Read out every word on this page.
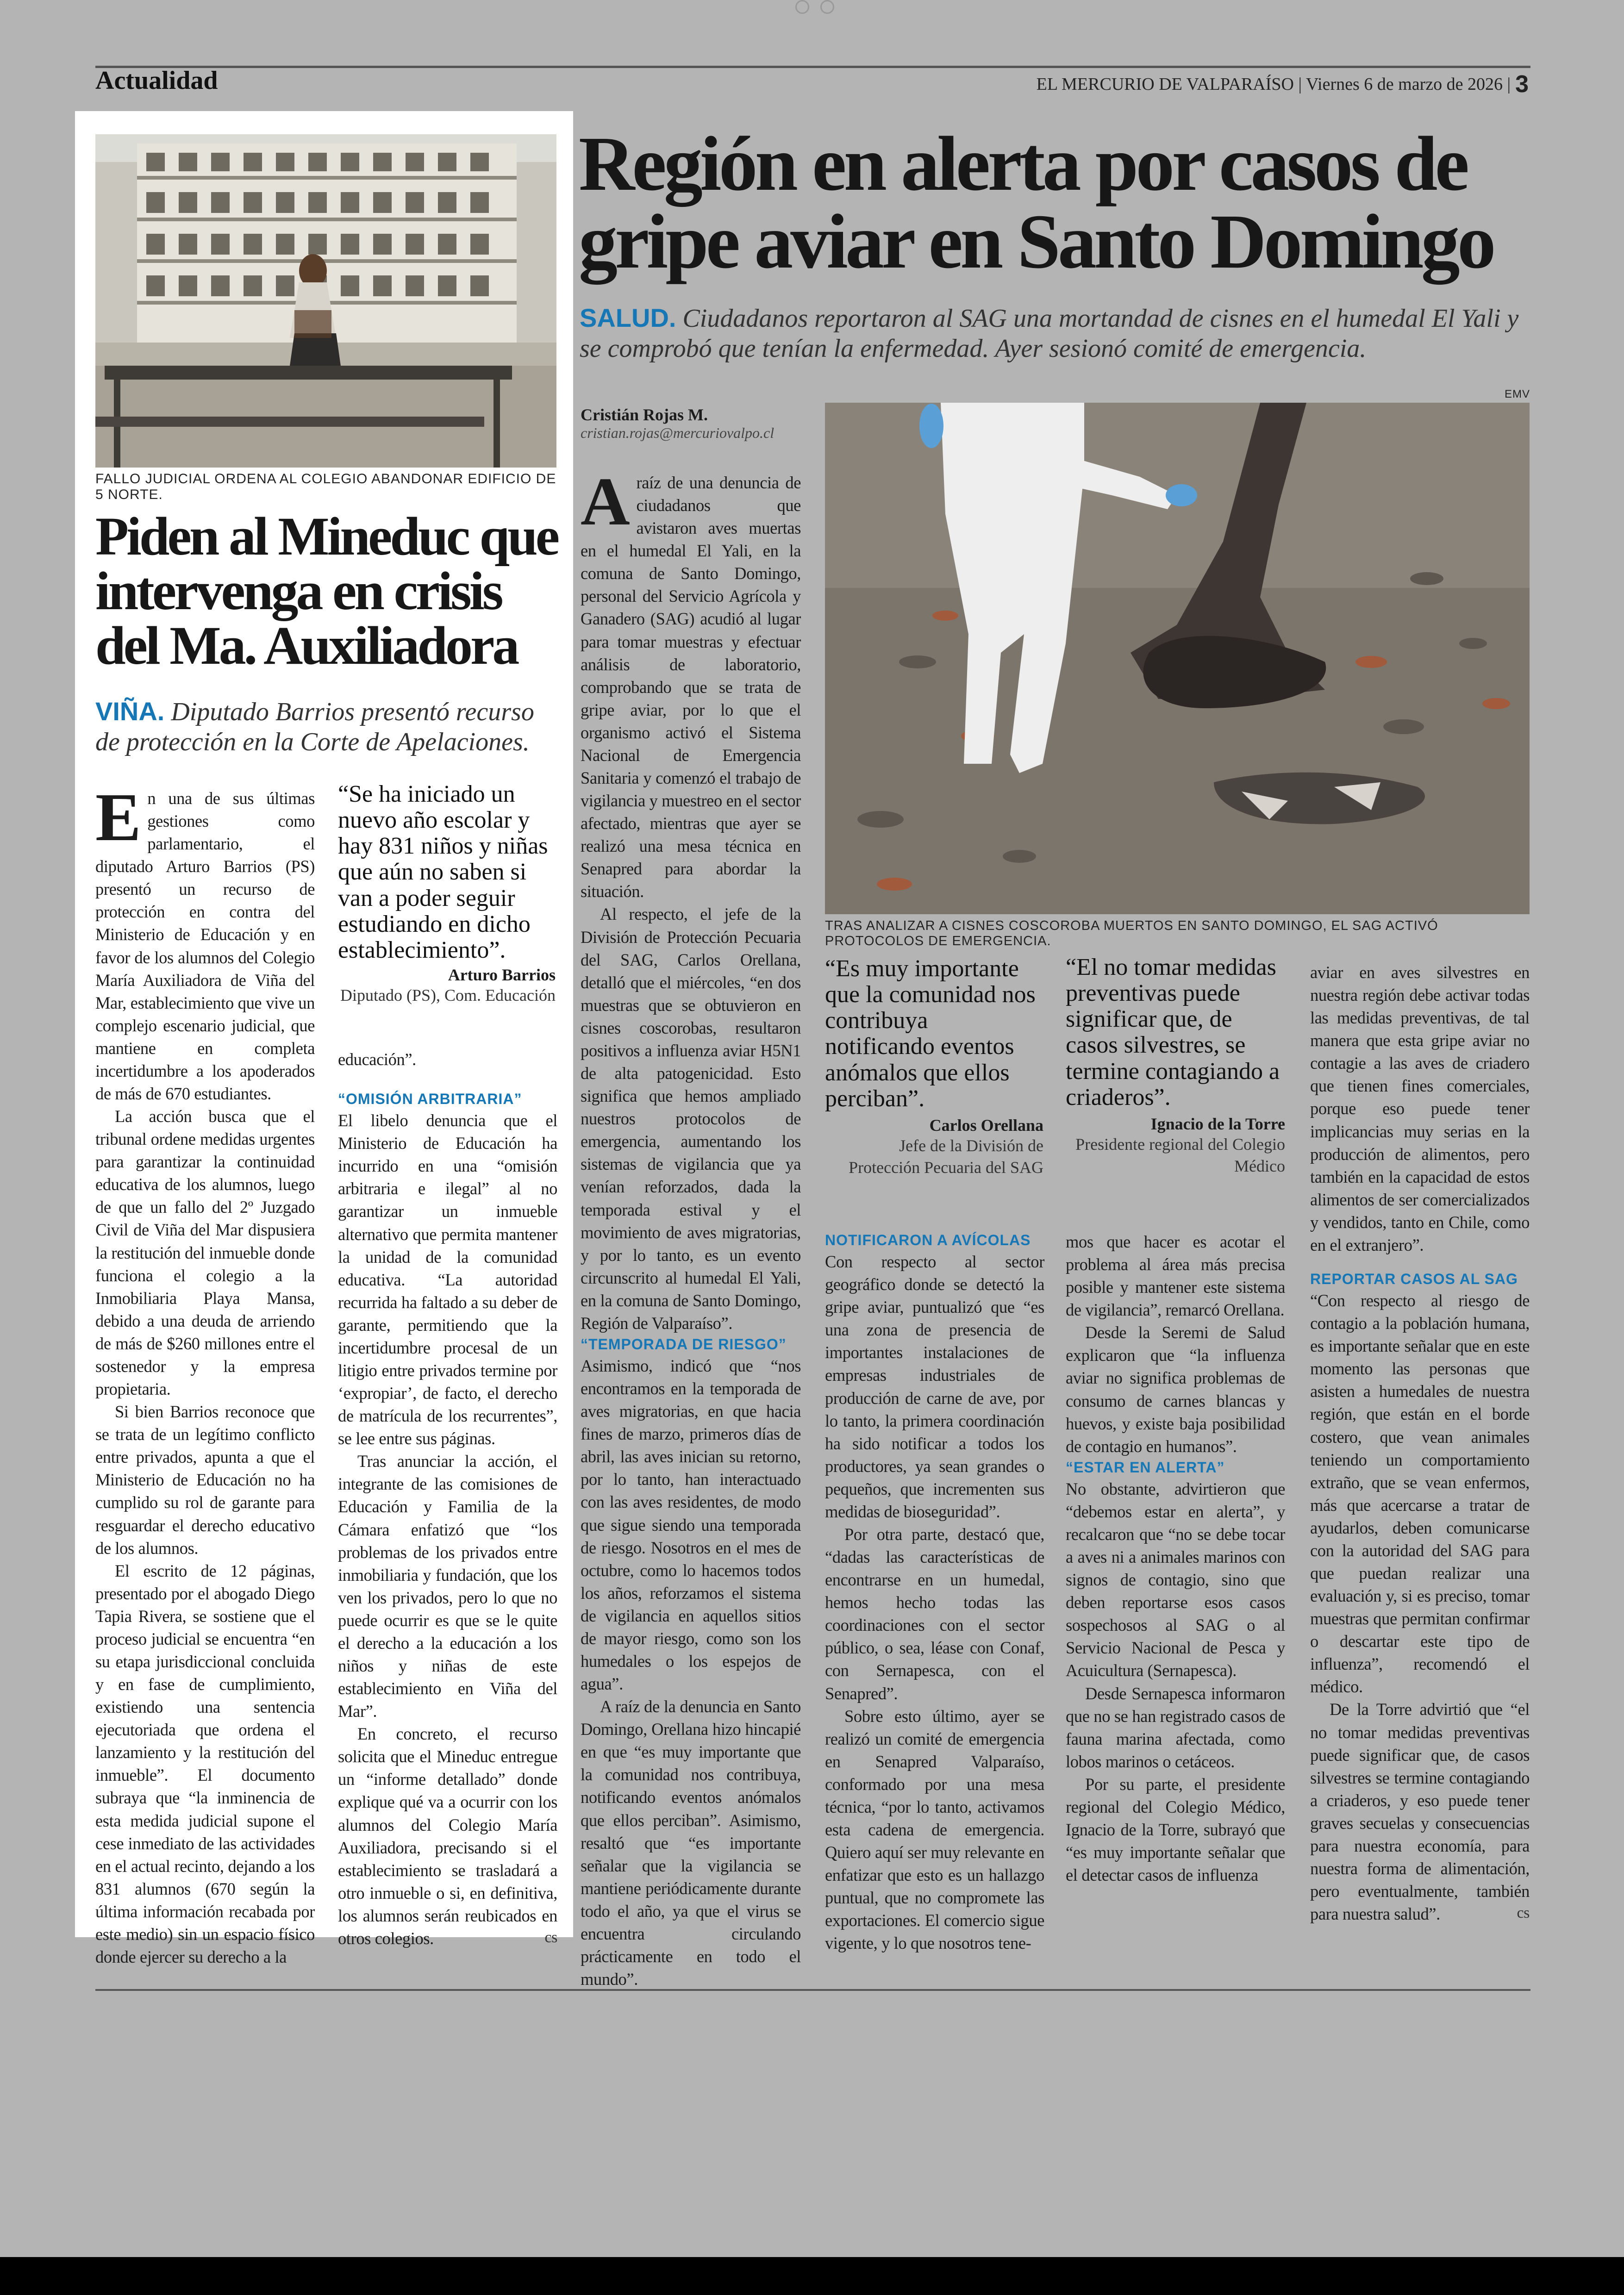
Actualidad	EL MERCURIO DE VALPARAÍSO | Viernes 6 de marzo de 2026 | 3
FALLO JUDICIAL ORDENA AL COLEGIO ABANDONAR EDIFICIO DE 5 NORTE.
Piden al Mineduc que intervenga en crisis del Ma. Auxiliadora
VIÑA. Diputado Barrios presentó recurso de protección en la Corte de Apelaciones.

En una de sus últimas gestiones como parlamentario, el diputado Arturo Barrios (PS) presentó un recurso de protección en contra del Ministerio de Educación y en favor de los alumnos del Colegio María Auxiliadora de Viña del Mar, establecimiento que vive un complejo escenario judicial, que mantiene en completa incertidumbre a los apoderados de más de 670 estudiantes.

La acción busca que el tribunal ordene medidas urgentes para garantizar la continuidad educativa de los alumnos, luego de que un fallo del 2º Juzgado Civil de Viña del Mar dispusiera la restitución del inmueble donde funciona el colegio a la Inmobiliaria Playa Mansa, debido a una deuda de arriendo de más de $260 millones entre el sostenedor y la empresa propietaria.

Si bien Barrios reconoce que se trata de un legítimo conflicto entre privados, apunta a que el Ministerio de Educación no ha cumplido su rol de garante para resguardar el derecho educativo de los alumnos.

El escrito de 12 páginas, presentado por el abogado Diego Tapia Rivera, se sostiene que el proceso judicial se encuentra “en su etapa jurisdiccional concluida y en fase de cumplimiento, existiendo una sentencia ejecutoriada que ordena el lanzamiento y la restitución del inmueble”. El documento subraya que “la inminencia de esta medida judicial supone el cese inmediato de las actividades en el actual recinto, dejando a los 831 alumnos (670 según la última información recabada por este medio) sin un espacio físico donde ejercer su derecho a la

“Se ha iniciado un nuevo año escolar y hay 831 niños y niñas que aún no saben si van a poder seguir estudiando en dicho establecimiento”.
Arturo Barrios
Diputado (PS), Com. Educación

educación”.

“OMISIÓN ARBITRARIA”

El libelo denuncia que el Ministerio de Educación ha incurrido en una “omisión arbitraria e ilegal” al no garantizar un inmueble alternativo que permita mantener la unidad de la comunidad educativa. “La autoridad recurrida ha faltado a su deber de garante, permitiendo que la incertidumbre procesal de un litigio entre privados termine por ‘expropiar’, de facto, el derecho de matrícula de los recurrentes”, se lee entre sus páginas.

Tras anunciar la acción, el integrante de las comisiones de Educación y Familia de la Cámara enfatizó que “los problemas de los privados entre inmobiliaria y fundación, que los ven los privados, pero lo que no puede ocurrir es que se le quite el derecho a la educación a los niños y niñas de este establecimiento en Viña del Mar”.

En concreto, el recurso solicita que el Mineduc entregue un “informe detallado” donde explique qué va a ocurrir con los alumnos del Colegio María Auxiliadora, precisando si el establecimiento se trasladará a otro inmueble o si, en definitiva, los alumnos serán reubicados en otros colegios.	cs

Región en alerta por casos de gripe aviar en Santo Domingo
SALUD. Ciudadanos reportaron al SAG una mortandad de cisnes en el humedal El Yali y se comprobó que tenían la enfermedad. Ayer sesionó comité de emergencia.
Cristián Rojas M.
cristian.rojas@mercuriovalpo.cl
EMV
TRAS ANALIZAR A CISNES COSCOROBA MUERTOS EN SANTO DOMINGO, EL SAG ACTIVÓ PROTOCOLOS DE EMERGENCIA.

Araíz de una denuncia de ciudadanos que avistaron aves muertas en el humedal El Yali, en la comuna de Santo Domingo, personal del Servicio Agrícola y Ganadero (SAG) acudió al lugar para tomar muestras y efectuar análisis de laboratorio, comprobando que se trata de gripe aviar, por lo que el organismo activó el Sistema Nacional de Emergencia Sanitaria y comenzó el trabajo de vigilancia y muestreo en el sector afectado, mientras que ayer se realizó una mesa técnica en Senapred para abordar la situación.

Al respecto, el jefe de la División de Protección Pecuaria del SAG, Carlos Orellana, detalló que el miércoles, “en dos muestras que se obtuvieron en cisnes coscorobas, resultaron positivos a influenza aviar H5N1 de alta patogenicidad. Esto significa que hemos ampliado nuestros protocolos de emergencia, aumentando los sistemas de vigilancia que ya venían reforzados, dada la temporada estival y el movimiento de aves migratorias, y por lo tanto, es un evento circunscrito al humedal El Yali, en la comuna de Santo Domingo, Región de Valparaíso”.

“TEMPORADA DE RIESGO”

Asimismo, indicó que “nos encontramos en la temporada de aves migratorias, en que hacia fines de marzo, primeros días de abril, las aves inician su retorno, por lo tanto, han interactuado con las aves residentes, de modo que sigue siendo una temporada de riesgo. Nosotros en el mes de octubre, como lo hacemos todos los años, reforzamos el sistema de vigilancia en aquellos sitios de mayor riesgo, como son los humedales o los espejos de agua”.

A raíz de la denuncia en Santo Domingo, Orellana hizo hincapié en que “es muy importante que la comunidad nos contribuya, notificando eventos anómalos que ellos perciban”. Asimismo, resaltó que “es importante señalar que la vigilancia se mantiene periódicamente durante todo el año, ya que el virus se encuentra circulando prácticamente en todo el mundo”.

“Es muy importante que la comunidad nos contribuya notificando eventos anómalos que ellos perciban”.
Carlos Orellana
Jefe de la División de Protección Pecuaria del SAG

NOTIFICARON A AVÍCOLAS

Con respecto al sector geográfico donde se detectó la gripe aviar, puntualizó que “es una zona de presencia de importantes instalaciones de empresas industriales de producción de carne de ave, por lo tanto, la primera coordinación ha sido notificar a todos los productores, ya sean grandes o pequeños, que incrementen sus medidas de bioseguridad”.

Por otra parte, destacó que, “dadas las características de encontrarse en un humedal, hemos hecho todas las coordinaciones con el sector público, o sea, léase con Conaf, con Sernapesca, con el Senapred”.

Sobre esto último, ayer se realizó un comité de emergencia en Senapred Valparaíso, conformado por una mesa técnica, “por lo tanto, activamos esta cadena de emergencia. Quiero aquí ser muy relevante en enfatizar que esto es un hallazgo puntual, que no compromete las exportaciones. El comercio sigue vigente, y lo que nosotros tene-

“El no tomar medidas preventivas puede significar que, de casos silvestres, se termine contagiando a criaderos”.
Ignacio de la Torre
Presidente regional del Colegio Médico

mos que hacer es acotar el problema al área más precisa posible y mantener este sistema de vigilancia”, remarcó Orellana.

Desde la Seremi de Salud explicaron que “la influenza aviar no significa problemas de consumo de carnes blancas y huevos, y existe baja posibilidad de contagio en humanos”.

“ESTAR EN ALERTA”

No obstante, advirtieron que “debemos estar en alerta”, y recalcaron que “no se debe tocar a aves ni a animales marinos con signos de contagio, sino que deben reportarse esos casos sospechosos al SAG o al Servicio Nacional de Pesca y Acuicultura (Sernapesca).

Desde Sernapesca informaron que no se han registrado casos de fauna marina afectada, como lobos marinos o cetáceos.

Por su parte, el presidente regional del Colegio Médico, Ignacio de la Torre, subrayó que “es muy importante señalar que el detectar casos de influenza

aviar en aves silvestres en nuestra región debe activar todas las medidas preventivas, de tal manera que esta gripe aviar no contagie a las aves de criadero que tienen fines comerciales, porque eso puede tener implicancias muy serias en la producción de alimentos, pero también en la capacidad de estos alimentos de ser comercializados y vendidos, tanto en Chile, como en el extranjero”.

REPORTAR CASOS AL SAG

“Con respecto al riesgo de contagio a la población humana, es importante señalar que en este momento las personas que asisten a humedales de nuestra región, que están en el borde costero, que vean animales teniendo un comportamiento extraño, que se vean enfermos, más que acercarse a tratar de ayudarlos, deben comunicarse con la autoridad del SAG para que puedan realizar una evaluación y, si es preciso, tomar muestras que permitan confirmar o descartar este tipo de influenza”, recomendó el médico.

De la Torre advirtió que “el no tomar medidas preventivas puede significar que, de casos silvestres se termine contagiando a criaderos, y eso puede tener graves secuelas y consecuencias para nuestra economía, para nuestra forma de alimentación, pero eventualmente, también para nuestra salud”.	cs
